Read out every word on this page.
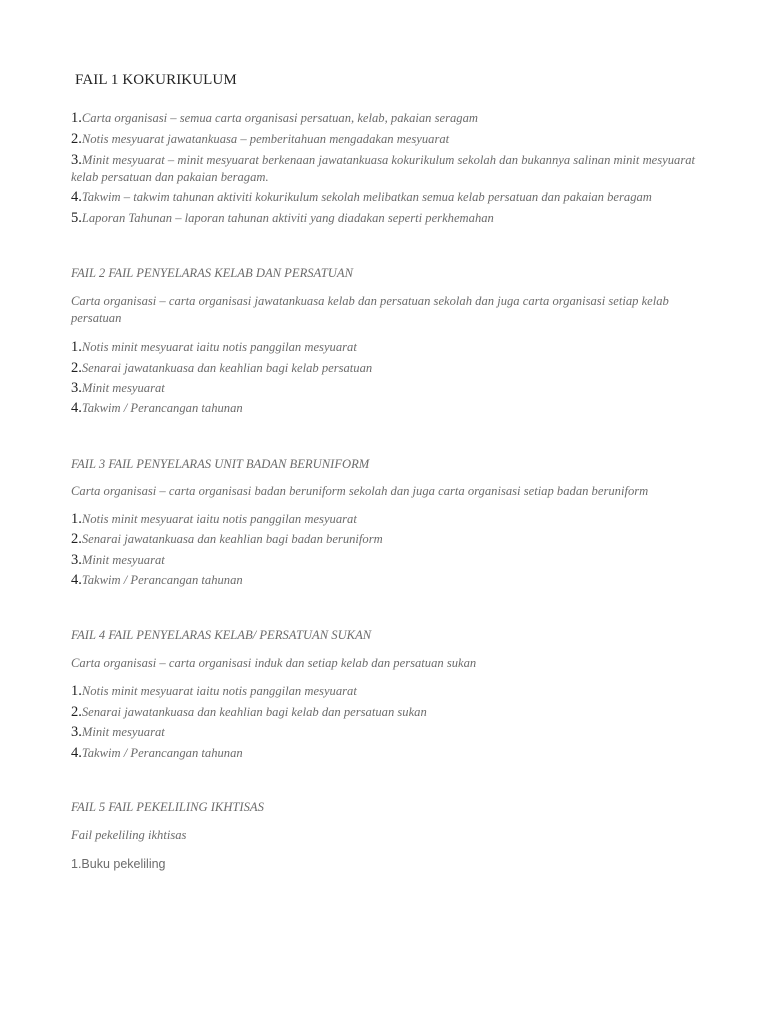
FAIL 1 KOKURIKULUM
1.Carta organisasi – semua carta organisasi persatuan, kelab, pakaian seragam
2.Notis mesyuarat jawatankuasa – pemberitahuan mengadakan mesyuarat
3.Minit mesyuarat – minit mesyuarat berkenaan jawatankuasa kokurikulum sekolah dan bukannya salinan minit mesyuarat kelab persatuan dan pakaian beragam.
4.Takwim – takwim tahunan aktiviti kokurikulum sekolah melibatkan semua kelab persatuan dan pakaian beragam
5.Laporan Tahunan – laporan tahunan aktiviti yang diadakan seperti perkhemahan
FAIL 2 FAIL PENYELARAS KELAB DAN PERSATUAN
Carta organisasi – carta organisasi jawatankuasa kelab dan persatuan sekolah dan juga carta organisasi setiap kelab persatuan
1.Notis minit mesyuarat iaitu notis panggilan mesyuarat
2.Senarai jawatankuasa dan keahlian bagi kelab persatuan
3.Minit mesyuarat
4.Takwim / Perancangan tahunan
FAIL 3 FAIL PENYELARAS UNIT BADAN BERUNIFORM
Carta organisasi – carta organisasi badan beruniform sekolah dan juga carta organisasi setiap badan beruniform
1.Notis minit mesyuarat iaitu notis panggilan mesyuarat
2.Senarai jawatankuasa dan keahlian bagi badan beruniform
3.Minit mesyuarat
4.Takwim / Perancangan tahunan
FAIL 4 FAIL PENYELARAS KELAB/ PERSATUAN SUKAN
Carta organisasi – carta organisasi induk dan setiap kelab dan persatuan sukan
1.Notis minit mesyuarat iaitu notis panggilan mesyuarat
2.Senarai jawatankuasa dan keahlian bagi kelab dan persatuan sukan
3.Minit mesyuarat
4.Takwim / Perancangan tahunan
FAIL 5 FAIL PEKELILING IKHTISAS
Fail pekeliling ikhtisas
1.Buku pekeliling
